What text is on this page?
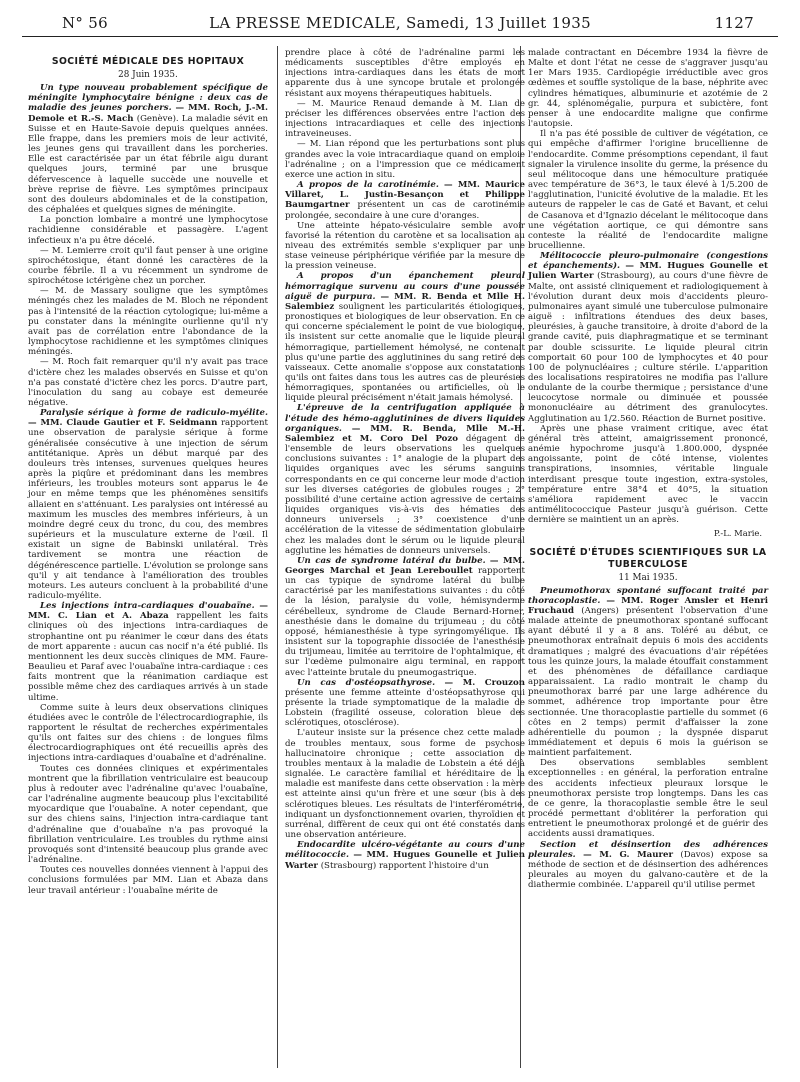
N° 56	LA PRESSE MEDICALE, Samedi, 13 Juillet 1935	1127
SOCIÉTÉ MÉDICALE DES HOPITAUX
28 Juin 1935.

Un type nouveau probablement spécifique de méningite lymphocytaire bénigne : deux cas de maladie des jeunes porchers. — MM. Roch, J.-M. Demole et R.-S. Mach (Genève). La maladie sévit en Suisse et en Haute-Savoie depuis quelques années. Elle frappe, dans les premiers mois de leur activité, les jeunes gens qui travaillent dans les porcheries. Elle est caractérisée par un état fébrile aigu durant quelques jours, terminé par une brusque défervescence à laquelle succède une nouvelle et brève reprise de fièvre. Les symptômes principaux sont des douleurs abdominales et de la constipation, des céphalées et quelques signes de méningite.

La ponction lombaire a montré une lymphocytose rachidienne considérable et passagère. L'agent infectieux n'a pu être décelé.

— M. Lemierre croit qu'il faut penser à une origine spirochétosique, étant donné les caractères de la courbe fébrile. Il a vu récemment un syndrome de spirochétose ictérigène chez un porcher.

— M. de Massary souligne que les symptômes méningés chez les malades de M. Bloch ne répondent pas à l'intensité de la réaction cytologique; lui-même a pu constater dans la méningite ourlienne qu'il n'y avait pas de corrélation entre l'abondance de la lymphocytose rachidienne et les symptômes cliniques méningés.

— M. Roch fait remarquer qu'il n'y avait pas trace d'ictère chez les malades observés en Suisse et qu'on n'a pas constaté d'ictère chez les porcs. D'autre part, l'inoculation du sang au cobaye est demeurée négative.

Paralysie sérique à forme de radiculo-myélite. — MM. Claude Gautier et F. Seidmann rapportent une observation de paralysie sérique à forme généralisée consécutive à une injection de sérum antitétanique. Après un début marqué par des douleurs très intenses, survenues quelques heures après la piqûre et prédominant dans les membres inférieurs, les troubles moteurs sont apparus le 4e jour en même temps que les phénomènes sensitifs allaient en s'atténuant. Les paralysies ont intéressé au maximum les muscles des membres inférieurs, à un moindre degré ceux du tronc, du cou, des membres supérieurs et la musculature externe de l'œil. Il existait un signe de Babinski unilatéral. Très tardivement se montra une réaction de dégénérescence partielle. L'évolution se prolonge sans qu'il y ait tendance à l'amélioration des troubles moteurs. Les auteurs concluent à la probabilité d'une radiculo-myélite.

Les injections intra-cardiaques d'ouabaïne. — MM. C. Lian et A. Abaza rappellent les faits cliniques où des injections intra-cardiaques de strophantine ont pu réanimer le cœur dans des états de mort apparente : aucun cas nocif n'a été publié. Ils mentionnent les deux succès cliniques de MM. Faure-Beaulieu et Paraf avec l'ouabaïne intra-cardiaque : ces faits montrent que la réanimation cardiaque est possible même chez des cardiaques arrivés à un stade ultime.

Comme suite à leurs deux observations cliniques étudiées avec le contrôle de l'électrocardiographie, ils rapportent le résultat de recherches expérimentales qu'ils ont faites sur des chiens : de longues films électrocardiographiques ont été recueillis après des injections intra-cardiaques d'ouabaïne et d'adrénaline.

Toutes ces données cliniques et expérimentales montrent que la fibrillation ventriculaire est beaucoup plus à redouter avec l'adrénaline qu'avec l'ouabaïne, car l'adrénaline augmente beaucoup plus l'excitabilité myocardique que l'ouabaïne. A noter cependant, que sur des chiens sains, l'injection intra-cardiaque tant d'adrénaline que d'ouabaïne n'a pas provoqué la fibrillation ventriculaire. Les troubles du rythme ainsi provoqués sont d'intensité beaucoup plus grande avec l'adrénaline.

Toutes ces nouvelles données viennent à l'appui des conclusions formulées par MM. Lian et Abaza dans leur travail antérieur : l'ouabaïne mérite de

prendre place à côté de l'adrénaline parmi les médicaments susceptibles d'être employés en injections intra-cardiaques dans les états de mort apparente dus à une syncope brutale et prolongée résistant aux moyens thérapeutiques habituels.

— M. Maurice Renaud demande à M. Lian de préciser les différences observées entre l'action des injections intracardiaques et celle des injections intraveineuses.

— M. Lian répond que les perturbations sont plus grandes avec la voie intracardiaque quand on emploie l'adrénaline ; on a l'impression que ce médicament exerce une action in situ.

A propos de la carotinémie. — MM. Maurice Villaret, L. Justin-Besançon et Philippe Baumgartner présentent un cas de carotinémie prolongée, secondaire à une cure d'oranges.

Une atteinte hépato-vésiculaire semble avoir favorisé la rétention du carotène et sa localisation au niveau des extrémités semble s'expliquer par une stase veineuse périphérique vérifiée par la mesure de la pression veineuse.

A propos d'un épanchement pleural hémorragique survenu au cours d'une poussée aiguë de purpura. — MM. R. Benda et Mlle H. Salembiez soulignent les particularités étiologiques, pronostiques et biologiques de leur observation. En ce qui concerne spécialement le point de vue biologique, ils insistent sur cette anomalie que le liquide pleural hémorragique, partiellement hémolysé, ne contenait plus qu'une partie des agglutinines du sang retiré des vaisseaux. Cette anomalie s'oppose aux constatations qu'ils ont faites dans tous les autres cas de pleurésies hémorragiques, spontanées ou artificielles, où le liquide pleural précisément n'était jamais hémolysé.

L'épreuve de la centrifugation appliquée à l'étude des hémo-agglutinines de divers liquides organiques. — MM. R. Benda, Mlle M.-H. Salembiez et M. Coro Del Pozo dégagent de l'ensemble de leurs observations les quelques conclusions suivantes : 1° analogie de la plupart des liquides organiques avec les sérums sanguins correspondants en ce qui concerne leur mode d'action sur les diverses catégories de globules rouges ; 2° possibilité d'une certaine action agressive de certains liquides organiques vis-à-vis des hématies des donneurs universels ; 3° coexistence d'une accélération de la vitesse de sédimentation globulaire chez les malades dont le sérum ou le liquide pleural agglutine les hématies de donneurs universels.

Un cas de syndrome latéral du bulbe. — MM. Georges Marchal et Jean Lereboullet rapportent un cas typique de syndrome latéral du bulbe caractérisé par les manifestations suivantes : du côté de la lésion, paralysie du voile, hémisynderme cérébelleux, syndrome de Claude Bernard-Horner, anesthésie dans le domaine du trijumeau ; du côté opposé, hémianesthésie à type syringomyélique. Ils insistent sur la topographie dissociée de l'anesthésie du trijumeau, limitée au territoire de l'ophtalmique, et sur l'œdème pulmonaire aigu terminal, en rapport avec l'atteinte brutale du pneumogastrique.

Un cas d'ostéopsathyrose. — M. Crouzon présente une femme atteinte d'ostéopsathyrose qui présente la triade symptomatique de la maladie de Lobstein (fragilité osseuse, coloration bleue des sclérotiques, otosclérose).

L'auteur insiste sur la présence chez cette malade de troubles mentaux, sous forme de psychose hallucinatoire chronique ; cette association de troubles mentaux à la maladie de Lobstein a été déjà signalée. Le caractère familial et héréditaire de la maladie est manifeste dans cette observation : la mère est atteinte ainsi qu'un frère et une sœur (bis à des sclérotiques bleues. Les résultats de l'interférométrie, indiquant un dysfonctionnement ovarien, thyroïdien et surrénal, diffèrent de ceux qui ont été constatés dans une observation antérieure.

Endocardite ulcéro-végétante au cours d'une mélitococcie. — MM. Hugues Gounelle et Julien Warter (Strasbourg) rapportent l'histoire d'un

malade contractant en Décembre 1934 la fièvre de Malte et dont l'état ne cesse de s'aggraver jusqu'au 1er Mars 1935. Cardiopégie irréductible avec gros œdèmes et souffle systolique de la base, néphrite avec cylindres hématiques, albuminurie et azotémie de 2 gr. 44, splénomégalie, purpura et subictère, font penser à une endocardite maligne que confirme l'autopsie.

Il n'a pas été possible de cultiver de végétation, ce qui empêche d'affirmer l'origine brucellienne de l'endocardite. Comme présomptions cependant, il faut signaler la virulence insolite du germe, la présence du seul mélitocoque dans une hémoculture pratiquée avec température de 36°3, le taux élevé à 1/5.200 de l'agglutination, l'unicité évolutive de la maladie. Et les auteurs de rappeler le cas de Gaté et Bavant, et celui de Casanova et d'Ignazio décelant le mélitocoque dans une végétation aortique, ce qui démontre sans conteste la réalité de l'endocardite maligne brucellienne.

Mélitococcie pleuro-pulmonaire (congestions et épanchements). — MM. Hugues Gounelle et Julien Warter (Strasbourg), au cours d'une fièvre de Malte, ont assisté cliniquement et radiologiquement à l'évolution durant deux mois d'accidents pleuro-pulmonaires ayant simulé une tuberculose pulmonaire aiguë : infiltrations étendues des deux bases, pleurésies, à gauche transitoire, à droite d'abord de la grande cavité, puis diaphragmatique et se terminant par double scissurite. Le liquide pleural citrin comportait 60 pour 100 de lymphocytes et 40 pour 100 de polynucléaires ; culture stérile. L'apparition des localisations respiratoires ne modifia pas l'allure ondulante de la courbe thermique ; persistance d'une leucocytose normale ou diminuée et poussée mononucléaire au détriment des granulocytes. Agglutination au 1/2.560. Réaction de Burnet positive.

Après une phase vraiment critique, avec état général très atteint, amaigrissement prononcé, anémie hypochrome jusqu'à 1.800.000, dyspnée angoissante, point de côté intense, violentes transpirations, insomnies, véritable linguale interdisant presque toute ingestion, extra-systoles, température entre 38°4 et 40°5, la situation s'améliora rapidement avec le vaccin antimélitococcique Pasteur jusqu'à guérison. Cette dernière se maintient un an après.

P.-L. Marie.
SOCIÉTÉ D'ÉTUDES SCIENTIFIQUES SUR LA TUBERCULOSE
11 Mai 1935.

Pneumothorax spontané suffocant traité par thoracoplastie. — MM. Roger Amsler et Henri Fruchaud (Angers) présentent l'observation d'une malade atteinte de pneumothorax spontané suffocant ayant débuté il y a 8 ans. Toléré au début, ce pneumothorax entraînait depuis 6 mois des accidents dramatiques ; malgré des évacuations d'air répétées tous les quinze jours, la malade étouffait constamment et des phénomènes de défaillance cardiaque apparaissaient. La radio montrait le champ du pneumothorax barré par une large adhérence du sommet, adhérence trop importante pour être sectionnée. Une thoracoplastie partielle du sommet (6 côtes en 2 temps) permit d'affaisser la zone adhérentielle du poumon ; la dyspnée disparut immédiatement et depuis 6 mois la guérison se maintient parfaitement.

Des observations semblables semblent exceptionnelles : en général, la perforation entraîne des accidents infectieux pleuraux lorsque le pneumothorax persiste trop longtemps. Dans les cas de ce genre, la thoracoplastie semble être le seul procédé permettant d'oblitérer la perforation qui entretient le pneumothorax prolongé et de guérir des accidents aussi dramatiques.

Section et désinsertion des adhérences pleurales. — M. G. Maurer (Davos) expose sa méthode de section et de désinsertion des adhérences pleurales au moyen du galvano-cautère et de la diathermie combinée. L'appareil qu'il utilise permet
